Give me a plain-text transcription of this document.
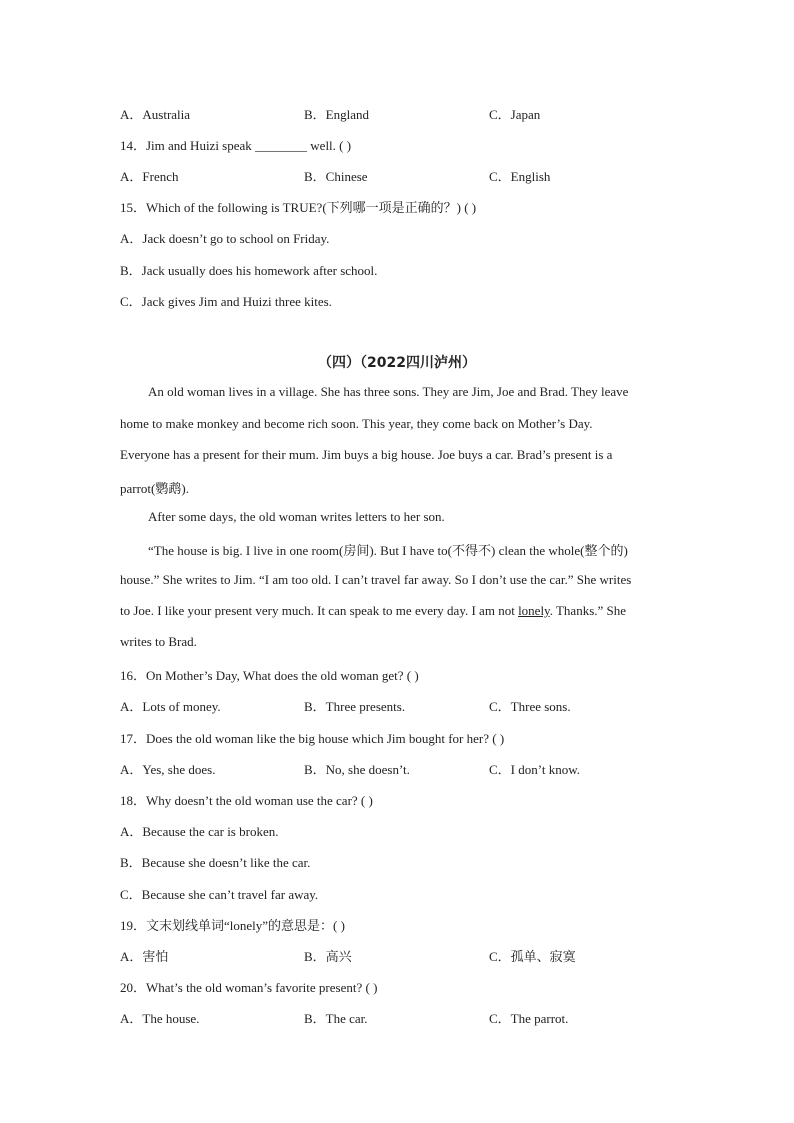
A．Australia	B．England	C．Japan
14．Jim and Huizi speak ________ well. ( )
A．French	B．Chinese	C．English
15．Which of the following is TRUE?(下列哪一项是正确的？) ( )
A．Jack doesn’t go to school on Friday.
B．Jack usually does his homework after school.
C．Jack gives Jim and Huizi three kites.
（四）（2022四川泸州）
An old woman lives in a village. She has three sons. They are Jim, Joe and Brad. They leave
home to make monkey and become rich soon. This year, they come back on Mother’s Day.
Everyone has a present for their mum. Jim buys a big house. Joe buys a car. Brad’s present is a
parrot(鹦鹉).
After some days, the old woman writes letters to her son.
“The house is big. I live in one room(房间). But I have to(不得不) clean the whole(整个的)
house.” She writes to Jim. “I am too old. I can’t travel far away. So I don’t use the car.” She writes
to Joe. I like your present very much. It can speak to me every day. I am not lonely. Thanks.” She
writes to Brad.
16．On Mother’s Day, What does the old woman get? ( )
A．Lots of money.	B．Three presents.	C．Three sons.
17．Does the old woman like the big house which Jim bought for her? ( )
A．Yes, she does.	B．No, she doesn’t.	C．I don’t know.
18．Why doesn’t the old woman use the car? ( )
A．Because the car is broken.
B．Because she doesn’t like the car.
C．Because she can’t travel far away.
19．文末划线单词“lonely”的意思是：( )
A．害怕	B．高兴	C．孤单、寂寞
20．What’s the old woman’s favorite present? ( )
A．The house.	B．The car.	C．The parrot.
